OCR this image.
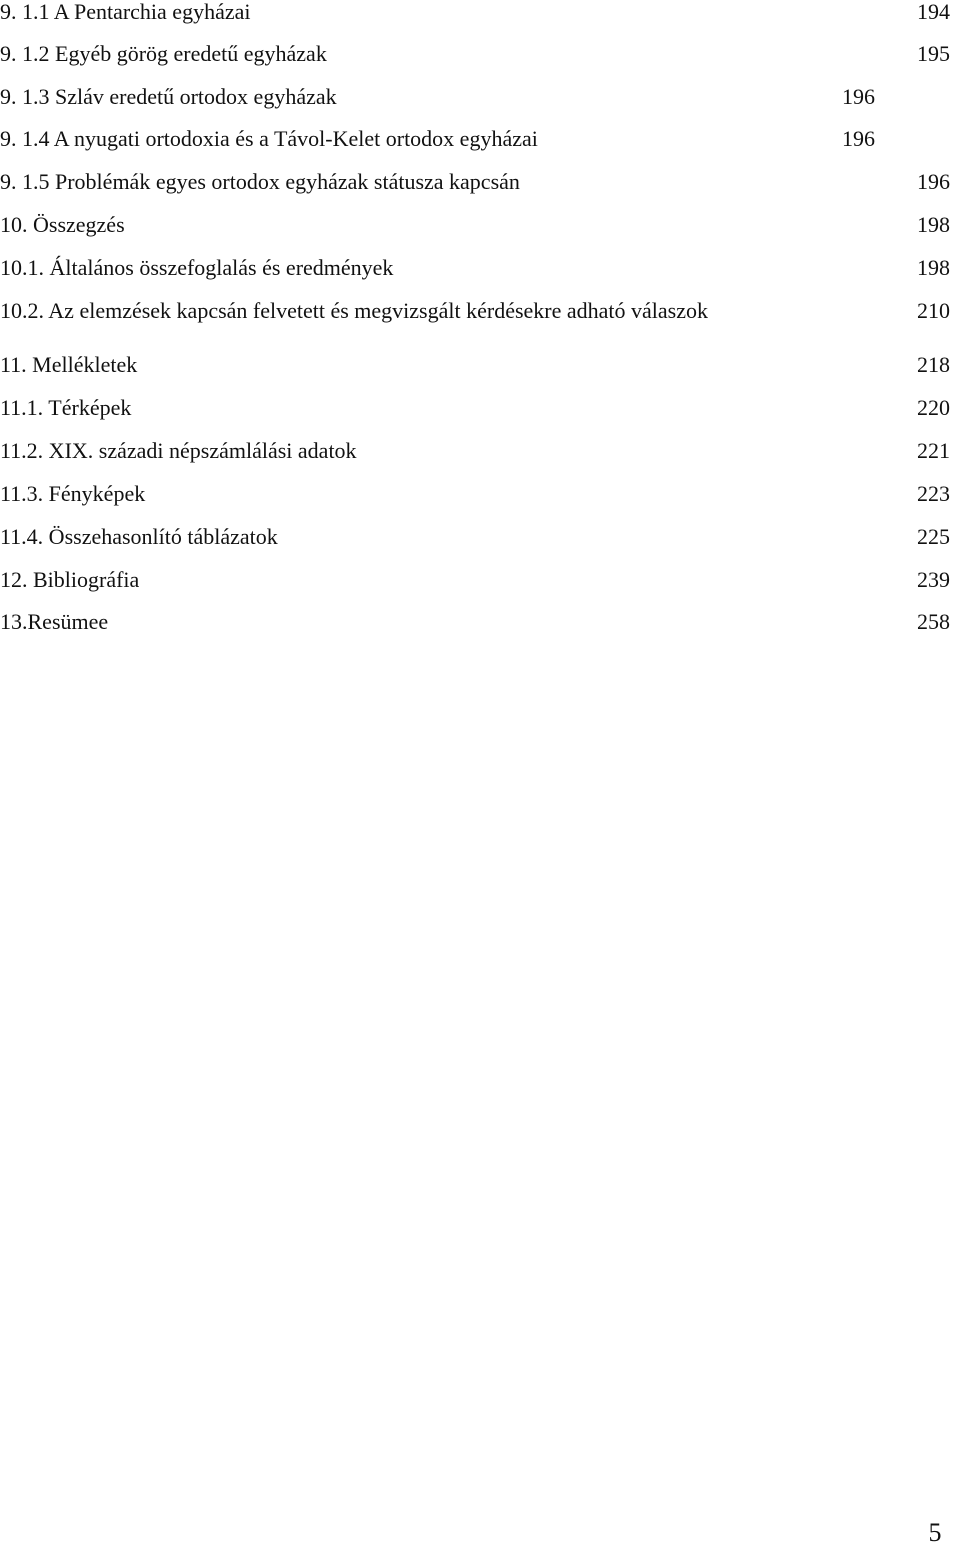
9. 1.1 A Pentarchia egyházai	194
9. 1.2 Egyéb görög eredetű egyházak	195
9. 1.3 Szláv eredetű ortodox egyházak	196
9. 1.4 A nyugati ortodoxia és a Távol-Kelet ortodox egyházai	196
9. 1.5 Problémák egyes ortodox egyházak státusza kapcsán	196
10. Összegzés	198
10.1. Általános összefoglalás és eredmények	198
10.2. Az elemzések kapcsán felvetett és megvizsgált kérdésekre adható válaszok	210
11. Mellékletek	218
11.1. Térképek	220
11.2. XIX. századi népszámlálási adatok	221
11.3. Fényképek	223
11.4. Összehasonlító táblázatok	225
12. Bibliográfia	239
13.Resümee	258
5
